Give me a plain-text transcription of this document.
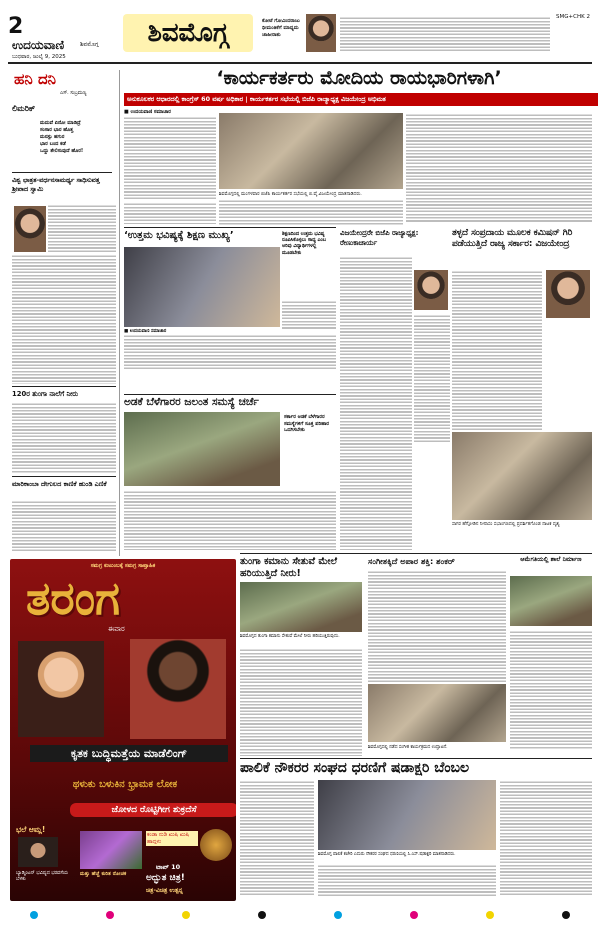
2
ಉದಯವಾಣಿ	ಶಿವಮೊಗ್ಗ
ಬುಧವಾರ, ಜುಲೈ 9, 2025
ಶಿವಮೊಗ್ಗ	ಕೋಟೆ ಗೋವಿಂದರಾಜು ಧೀಮಂತಿಕೆಗೆ ಮಾಧ್ಯಮ ಜಾಹೀರಾತು
SMG+CHK 2
ಹನಿ ದನಿ
ಎಸ್. ಸುಬ್ರಮಣ್ಯ
ಲಿಮರಿಕ್
ಮದುವೆ ಏನೋ ಮಾಡಿದ್ರೆ
ಸಂಸಾರ ಭಾರ ಹೊತ್ತ
ಮನಸ್ಸು ಹಗುರ
ಭಾರ ಬಂದ ಕಡೆ
ಒದ್ದು ತೇಲಿಸುವುದೆ ಹೊರ!
ವಿಶ್ವ ಛಾತ್ರತ-ವರ್ಧನಸಾಮರ್ಥ್ಯ ಸಾಧಿಸುವತ್ತ ಶ್ರೀಪಾದ ಸ್ವಾಮಿ
120ರ ತುಂಗಾ ನಾಲೆಗೆ ನೀರು
ಮಾರಿಕಾಂಬಾ ದೇಗುಲದ ಕಾಣಿಕೆ ಹುಂಡಿ ಎಣಿಕೆ
‘ಕಾರ್ಯಕರ್ತರು ಮೋದಿಯ ರಾಯಭಾರಿಗಳಾಗಿ’
ಅನುಕೂಲಕರ ಆಧಾರದಲ್ಲಿ ಕಾಂಗ್ರೆಸ್ 60 ವರ್ಷ ಅಧಿಕಾರ | ಕಾರ್ಯಕರ್ತರ ಸಭೆಯಲ್ಲಿ ಬಿಜೆಪಿ ರಾಜ್ಯಾಧ್ಯಕ್ಷ ವಿಜಯೇಂದ್ರ ಅಭಿಮತ
■ ಉದಯವಾಣಿ ಸಮಾಚಾರ
ಶಿವಮೊಗ್ಗದಲ್ಲಿ ಮಂಗಳವಾರ ಬಿಜೆಪಿ ಕಾರ್ಯಕರ್ತರ ಸಭೆಯಲ್ಲಿ ಬಿ.ವೈ.ವಿಜಯೇಂದ್ರ ಮಾತನಾಡಿದರು.
‘ಉತ್ತಮ ಭವಿಷ್ಯಕ್ಕೆ ಶಿಕ್ಷಣ ಮುಖ್ಯ’	ಶಿಕ್ಷಣದಿಂದ ಉತ್ತಮ ಭವಿಷ್ಯ ರೂಪಿಸಿಕೊಳ್ಳಲು ಸಾಧ್ಯ ಎಂಬ ಅರಿವು ವಿದ್ಯಾರ್ಥಿಗಳಲ್ಲಿ ಮೂಡಬೇಕು
■ ಉದಯವಾಣಿ ಸಮಾಚಾರ
ಅಡಕೆ ಬೆಳೆಗಾರರ ಜಲಂತ ಸಮಸ್ಯೆ ಚರ್ಚೆ
ಸರ್ಕಾರ ಅಡಕೆ ಬೆಳೆಗಾರರ ಸಮಸ್ಯೆಗಳಿಗೆ ಸೂಕ್ತ ಪರಿಹಾರ ಒದಗಿಸಬೇಕು
ವಿಜಯೇಂದ್ರರೇ ಬಿಜೆಪಿ ರಾಜ್ಯಾಧ್ಯಕ್ಷ: ರೇಣುಕಾಚಾರ್ಯ
ತಳ್ಳದೆ ಸಂಪ್ರದಾಯ ಮೂಲಕ ಕಮಿಷನ್ ಗಿರಿ ಪಡೆಯುತ್ತಿದೆ ರಾಜ್ಯ ಸರ್ಕಾರ: ವಿಜಯೇಂದ್ರ
ಸಾಗರ ಹೆಗ್ಗೋಡಿನ ನೀನಾಸಂ ಸಭಾಂಗಣದಲ್ಲಿ ಪ್ರದರ್ಶಿತಗೊಂಡ ನಾಟಕ ದೃಶ್ಯ
ಸಮಗ್ರ ಕುಟುಂಬಕ್ಕೆ ಸಮಗ್ರ ಸಾಪ್ತಾಹಿಕ
ತರಂಗ
ಈವಾರ
ಕೃತಕ ಬುದ್ಧಿಮತ್ತೆಯ ಮಾಡೆಲಿಂಗ್
ಥಳುಕು ಬಳುಕಿನ ಭ್ರಾಮಕ ಲೋಕ
ಜೋಳದ ರೊಟ್ಟಿಗೀಗ ಶುಕ್ರದೆಸೆ
ಭಲೆ ಆಮ್ಲ!
ಬ್ಯಾಡ್ಮಿಂಟನ್ ಭವಿಷ್ಯದ ಭರವಸೆಯ ಬೆಳಕು
ಮತ್ತು ಹೆಚ್ಚೆ ಕುರಿತ ರೋಚಕ
ಕಂಡಾ ನುಡಿ ಖುಷಿ ಖುಷಿ ಹಾದ್ಗಳು
ಟಾಪ್ 10
ಅದ್ಭುತ ಚಿತ್ರ!
ಚಿತ್ರ-ವಿಚಿತ್ರ ಉತ್ಪನ್ನ
ತುಂಗಾ ಕಮಾನು ಸೇತುವೆ ಮೇಲೆ ಹರಿಯುತ್ತಿದೆ ನೀರು!
ಶಿವಮೊಗ್ಗದ ತುಂಗಾ ಕಮಾನು ಸೇತುವೆ ಮೇಲೆ ನೀರು ಹರಿಯುತ್ತಿರುವುದು.
ಸಂಗೀತಕ್ಕಿದೆ ಅಪಾರ ಶಕ್ತಿ: ಶಂಕರ್
ಶಿವಮೊಗ್ಗದಲ್ಲಿ ನಡೆದ ಸಂಗೀತ ಕಾರ್ಯಕ್ರಮದ ಉದ್ಘಾಟನೆ.
ಆಮೆಗತಿಯಲ್ಲಿ ಶಾಲೆ ನಿರ್ಮಾಣ
ಪಾಲಿಕೆ ನೌಕರರ ಸಂಘದ ಧರಣಿಗೆ ಷಡಾಕ್ಷರಿ ಬೆಂಬಲ
ಶಿವಮೊಗ್ಗ ಪಾಲಿಕೆ ಕಚೇರಿ ಎದುರು ನೌಕರರ ಸಂಘದ ಧರಣಿಯಲ್ಲಿ ಸಿ.ಎಸ್.ಷಡಾಕ್ಷರಿ ಮಾತನಾಡಿದರು.
